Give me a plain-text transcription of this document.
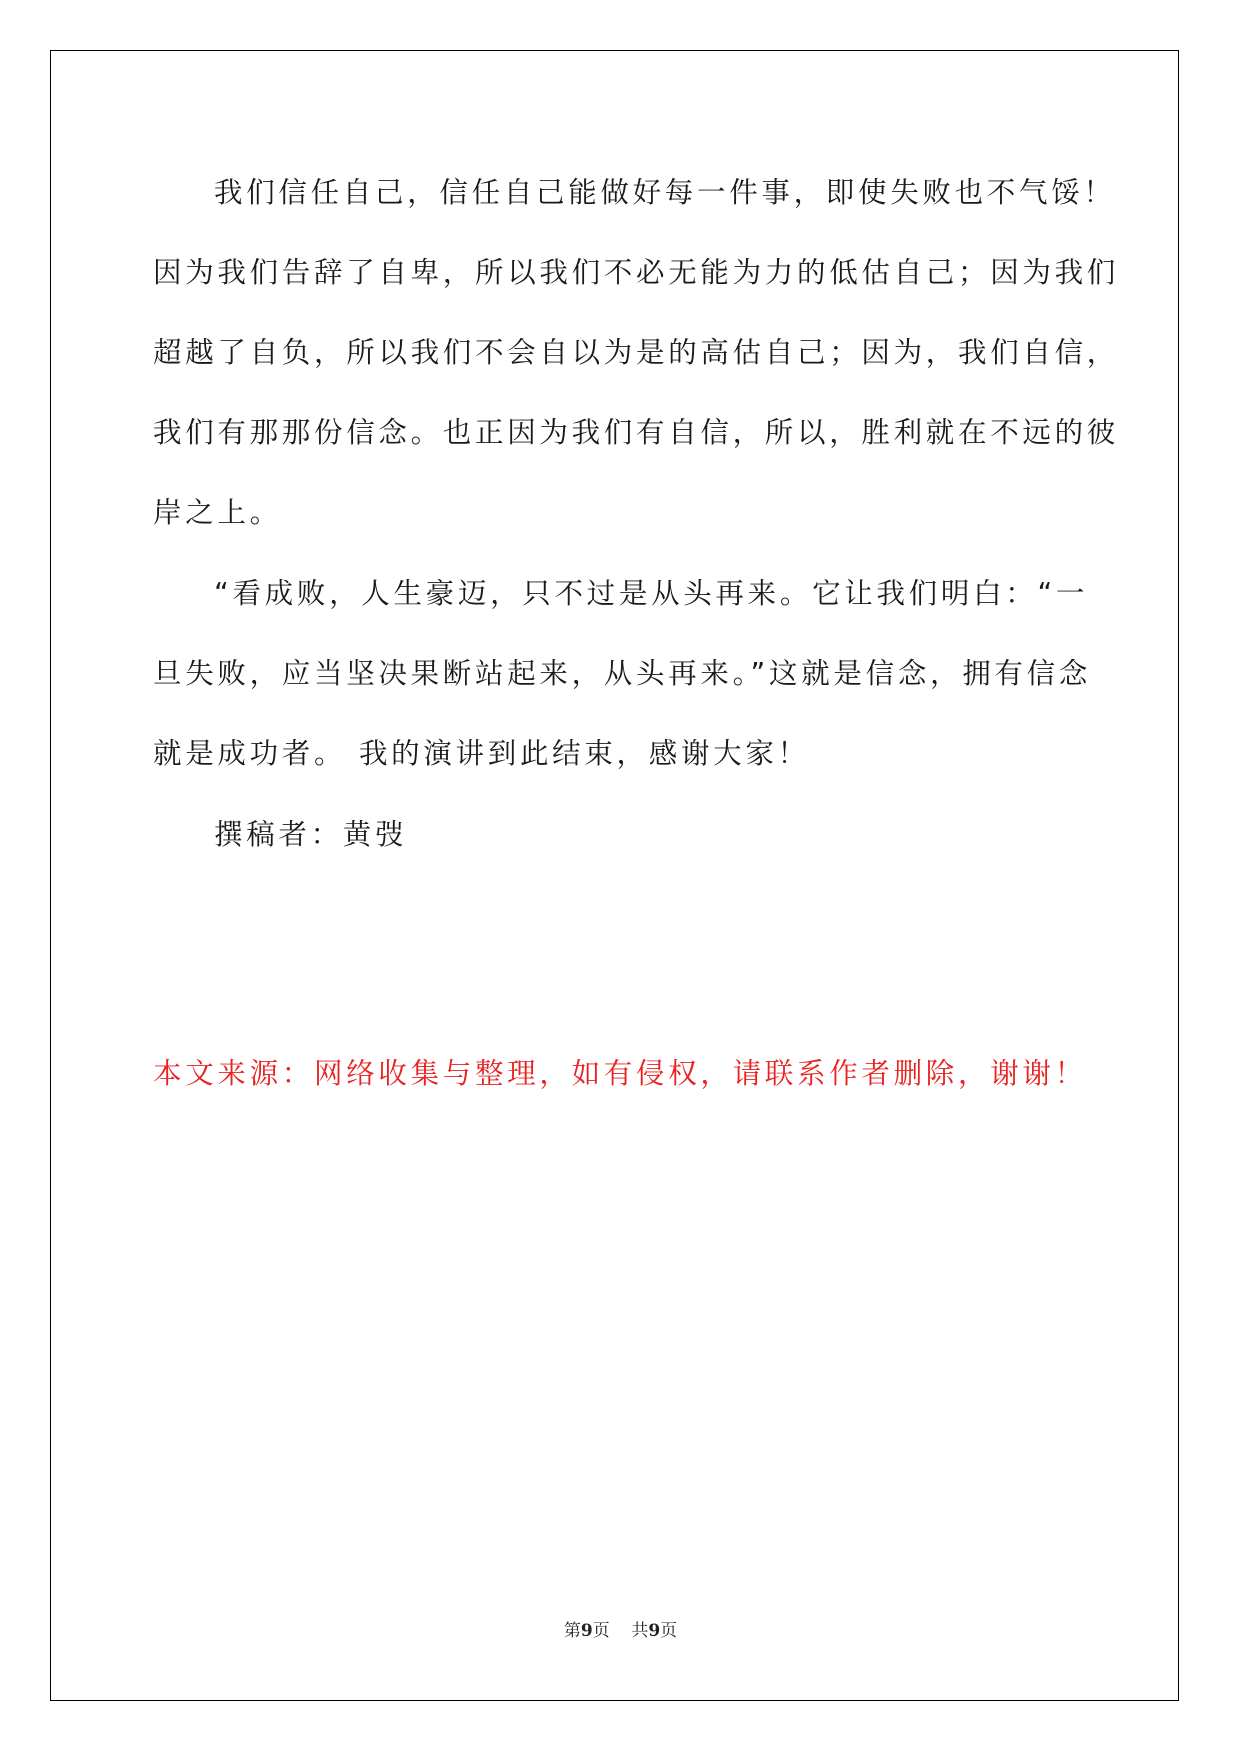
我们信任自己，信任自己能做好每一件事，即使失败也不气馁！
因为我们告辞了自卑，所以我们不必无能为力的低估自己；因为我们
超越了自负，所以我们不会自以为是的高估自己；因为，我们自信，
我们有那那份信念。也正因为我们有自信，所以，胜利就在不远的彼
岸之上。
“看成败，人生豪迈，只不过是从头再来。它让我们明白：“一
旦失败，应当坚决果断站起来，从头再来。”这就是信念，拥有信念
就是成功者。 我的演讲到此结束，感谢大家！
撰稿者：黄弢
本文来源：网络收集与整理，如有侵权，请联系作者删除，谢谢！
第9页 共9页
